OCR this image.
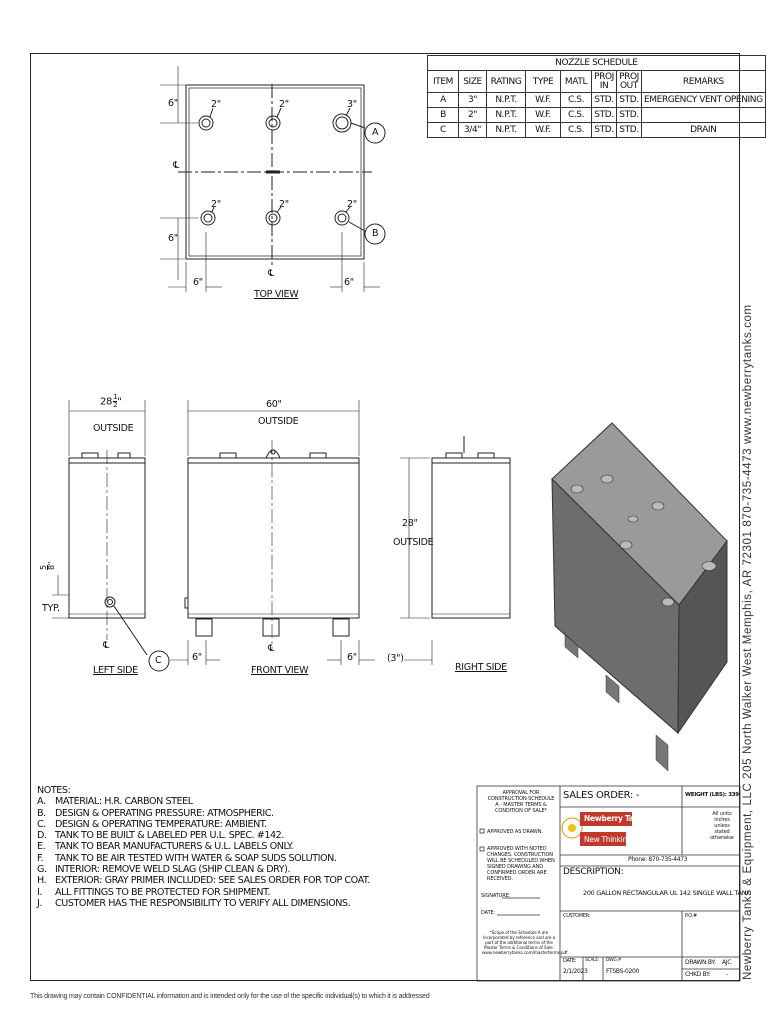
NOZZLE SCHEDULE							
ITEM	SIZE	RATING	TYPE	MATL	PROJ IN	PROJ OUT	REMARKS
A	3"	N.P.T.	W.F.	C.S.	STD.	STD.	EMERGENCY VENT OPENING
B	2"	N.P.T.	W.F.	C.S.	STD.	STD.	
C	3/4"	N.P.T.	W.F.	C.S.	STD.	STD.	DRAIN
6"
6"
6"	6"
2"	2"	3"
2"	2"	2"
A
B
℄
℄
TOP VIEW
$28 \frac{1}{2}$ "
OUTSIDE
5 8
"
TYP.
C
℄
LEFT SIDE
60"
OUTSIDE
6"	6"
℄
FRONT VIEW
28"
OUTSIDE
(3")
RIGHT SIDE
NOTES:
A. MATERIAL: H.R. CARBON STEEL
B. DESIGN & OPERATING PRESSURE: ATMOSPHERIC.
C. DESIGN & OPERATING TEMPERATURE: AMBIENT.
D. TANK TO BE BUILT & LABELED PER U.L. SPEC. #142.
E.	TANK TO BEAR MANUFACTURERS & U.L. LABELS ONLY.
F.	TANK TO BE AIR TESTED WITH WATER & SOAP SUDS SOLUTION.
G. INTERIOR: REMOVE WELD SLAG (SHIP CLEAN & DRY).
H. EXTERIOR: GRAY PRIMER INCLUDED: SEE SALES ORDER FOR TOP COAT.
I.	ALL FITTINGS TO BE PROTECTED FOR SHIPMENT.
J.	CUSTOMER HAS THE RESPONSIBILITY TO VERIFY ALL DIMENSIONS.
APPROVAL FOR CONSTRUCTION SCHEDULE A - MASTER TERMS & CONDITION OF SALE*
APPROVED AS DRAWN.
APPROVED WITH NOTED CHANGES. CONSTRUCTION WILL BE SCHEDULED WHEN SIGNED DRAWING AND CONFIRMED ORDER ARE RECEIVED.
SIGNATURE:
DATE:
*Scope of the Schedule A are incorporated by reference and are a part of the additional terms of the Master Terms & Conditions of Sale. www.newberrytanks.com/masterterms.pdf
SALES ORDER: -	WEIGHT (LBS): 339
All units inches unless stated otherwise
Newberry Tanks
New Thinking
Phone: 870-735-4473
DESCRIPTION:
200 GALLON RECTANGULAR UL 142 SINGLE WALL TANK
CUSTOMER:	P.O.#
DATE:
2/1/2023
SCALE: DWG #
FTSBS-0200
DRAWN BY: AJC
CHKD BY:	- Newberry Tanks & Equipment, LLC 205 North Walker West Memphis, AR 72301 870-735-4473 www.newberrytanks.com
This drawing may contain CONFIDENTIAL information and is intended only for the use of the specific individual(s) to which it is addressed
